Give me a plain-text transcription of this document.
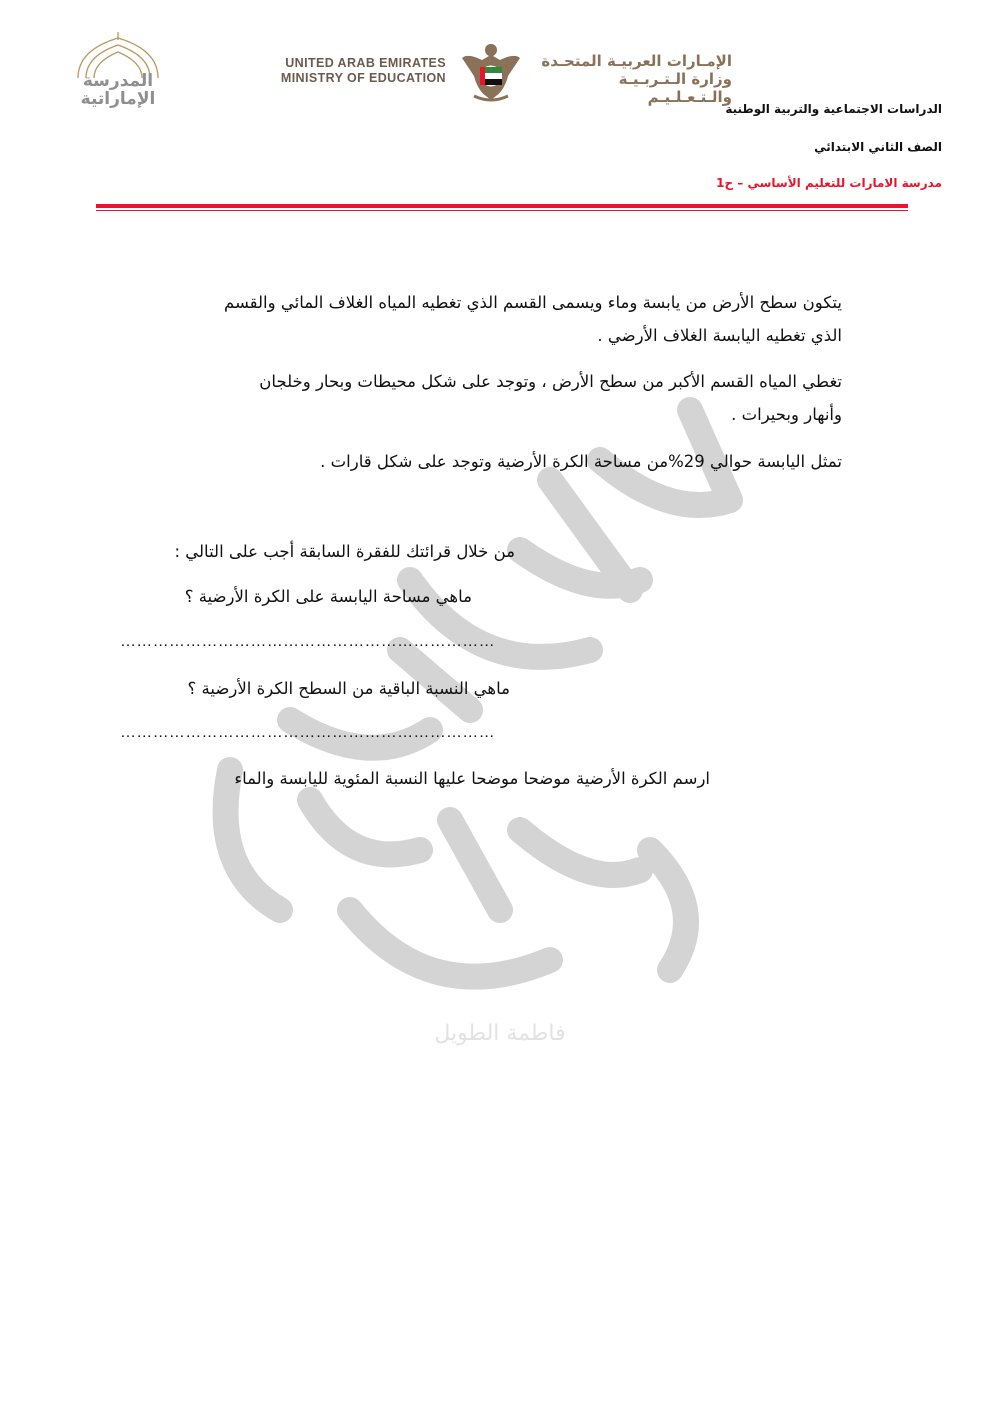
المدرسة
الإماراتية
UNITED ARAB EMIRATES
MINISTRY OF EDUCATION
الإمـارات العربيـة المتحـدة
وزارة الـتـربـيـة والـتـعـلـيـم
الدراسات الاجتماعية والتربية الوطنية
الصف الثاني الابتدائي
مدرسة الامارات للتعليم الأساسي – ح1
فاطمة الطويل
يتكون سطح الأرض من يابسة وماء ويسمى القسم الذي تغطيه المياه الغلاف المائي والقسم
الذي تغطيه اليابسة الغلاف الأرضي .
تغطي المياه القسم الأكبر من سطح الأرض ، وتوجد على شكل محيطات وبحار وخلجان
وأنهار وبحيرات .
تمثل اليابسة حوالي 29%من مساحة الكرة الأرضية وتوجد على شكل قارات .
من خلال قرائتك للفقرة السابقة أجب على التالي :
ماهي مساحة اليابسة على الكرة الأرضية ؟
……………………………………………………………
ماهي النسبة الباقية من السطح الكرة الأرضية ؟
……………………………………………………………
ارسم الكرة الأرضية موضحا موضحا عليها النسبة المئوية لليابسة والماء
